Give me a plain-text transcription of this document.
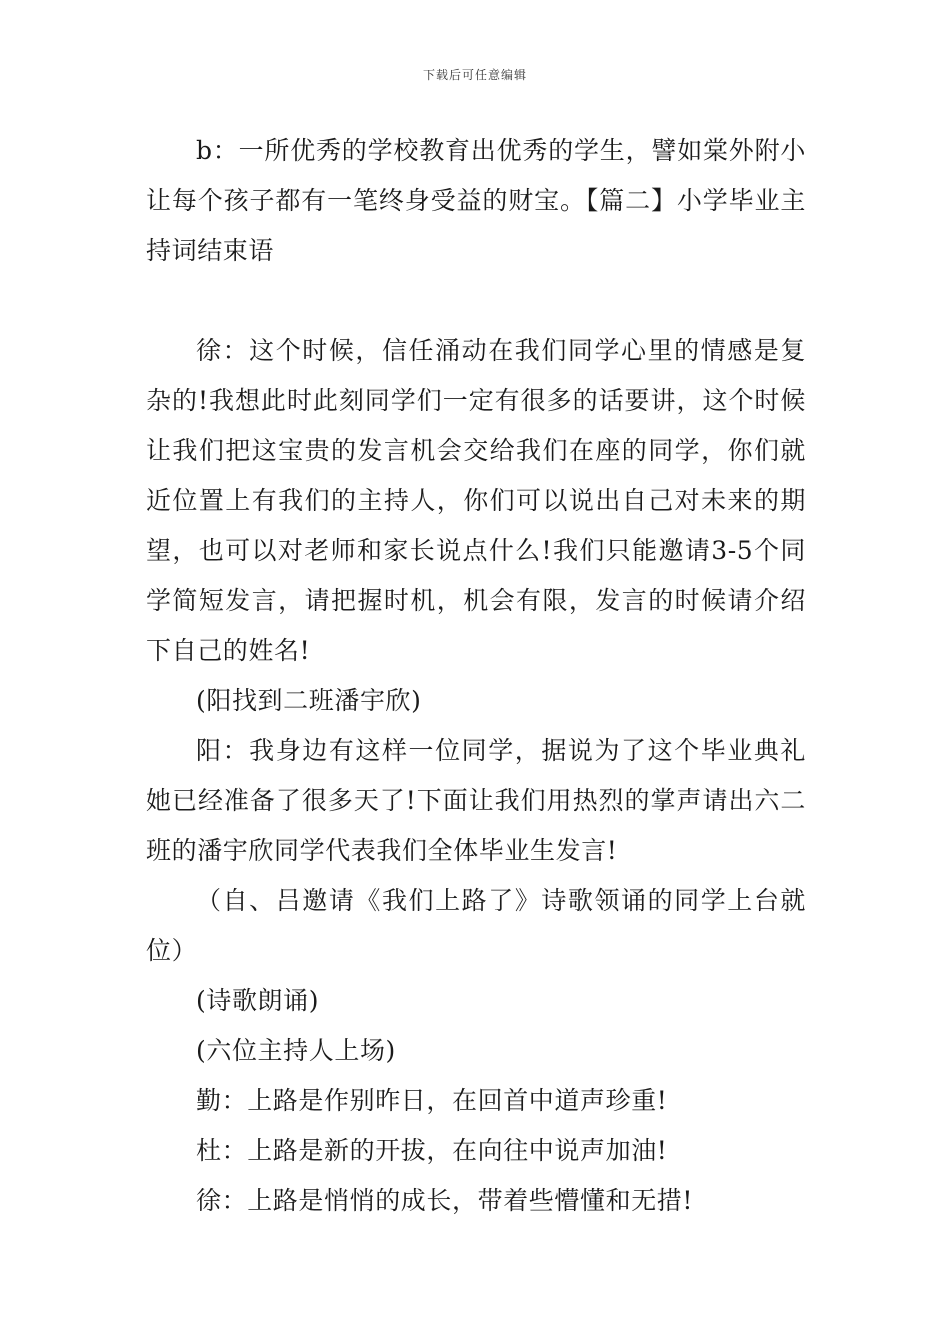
下载后可任意编辑

b：一所优秀的学校教育出优秀的学生，譬如棠外附小让每个孩子都有一笔终身受益的财宝。【篇二】小学毕业主持词结束语

徐：这个时候，信任涌动在我们同学心里的情感是复杂的!我想此时此刻同学们一定有很多的话要讲，这个时候让我们把这宝贵的发言机会交给我们在座的同学，你们就近位置上有我们的主持人，你们可以说出自己对未来的期望，也可以对老师和家长说点什么!我们只能邀请3-5个同学简短发言，请把握时机，机会有限，发言的时候请介绍下自己的姓名!

(阳找到二班潘宇欣)

阳：我身边有这样一位同学，据说为了这个毕业典礼她已经准备了很多天了!下面让我们用热烈的掌声请出六二班的潘宇欣同学代表我们全体毕业生发言!

（自、吕邀请《我们上路了》诗歌领诵的同学上台就位）

(诗歌朗诵)

(六位主持人上场)

勤：上路是作别昨日，在回首中道声珍重!

杜：上路是新的开拔，在向往中说声加油!

徐：上路是悄悄的成长，带着些懵懂和无措!
